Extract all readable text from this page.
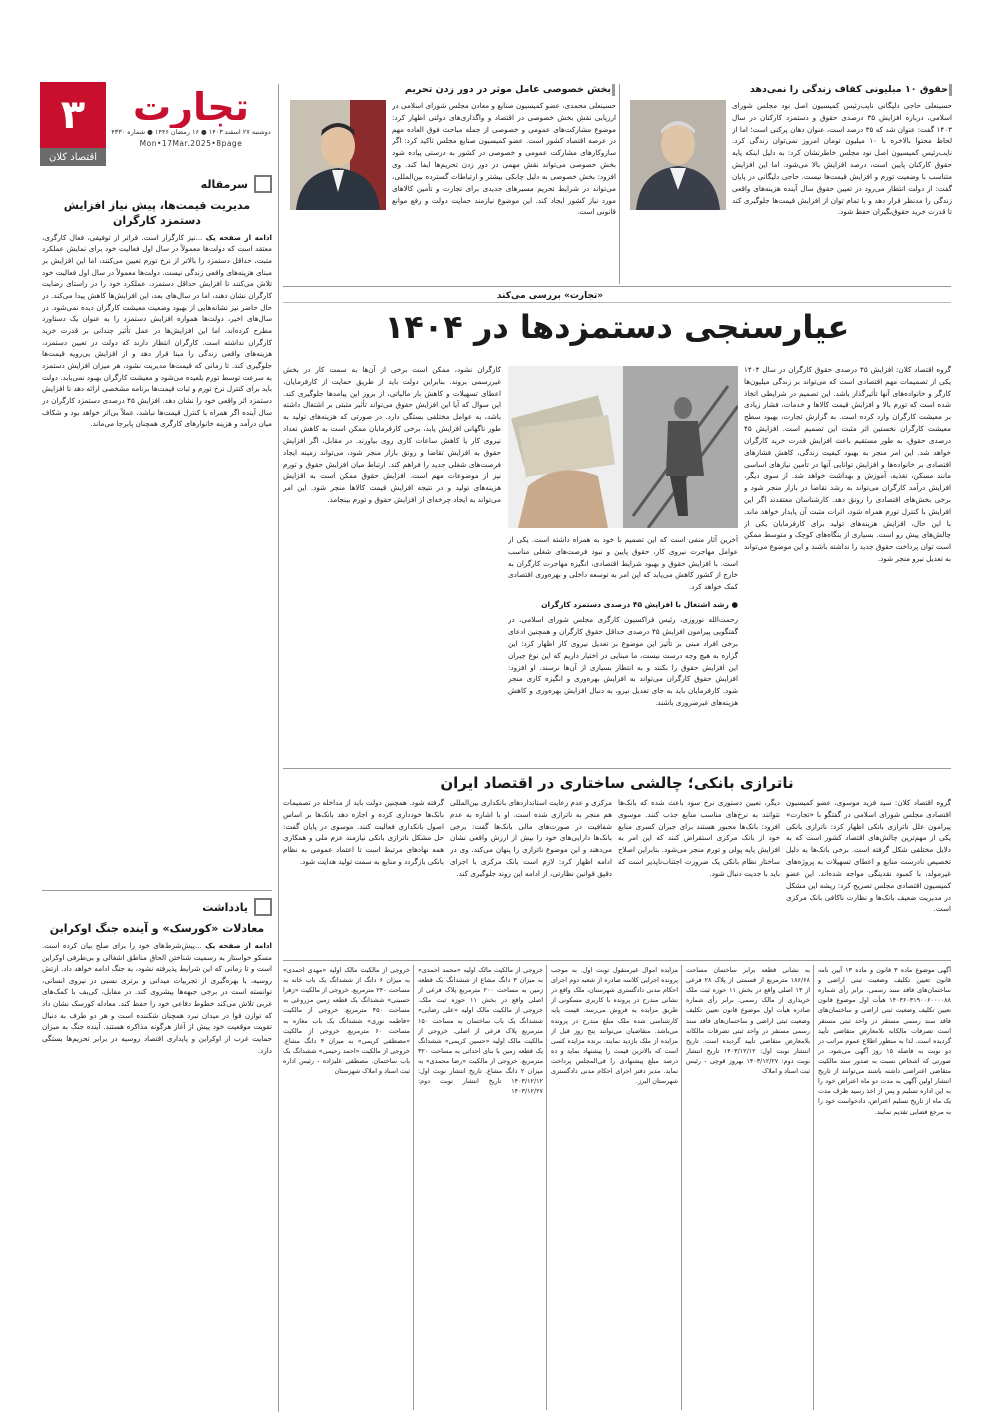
۳
اقتصاد کلان
تجارت
دوشنبه ۲۷ اسفند ۱۴۰۳ ● ۱۶ رمضان ۱۴۴۶ ● شماره ۴۳۳۰
Mon•17Mar.2025•8page
سرمقاله
مدیریت قیمت‌ها، پیش نیاز افزایش دستمزد کارگران
ادامه از صفحه یک ...نیز کارگزار است. فراتر از توفیقی، فعال کارگری، معتقد است که دولت‌ها معمولاً در سال اول فعالیت خود برای نمایش عملکرد مثبت، حداقل دستمزد را بالاتر از نرخ تورم تعیین می‌کنند، اما این افزایش بر مبنای هزینه‌های واقعی زندگی نیست. دولت‌ها معمولاً در سال اول فعالیت خود تلاش می‌کنند تا افزایش حداقل دستمزد، عملکرد خود را در راستای رضایت کارگران نشان دهند، اما در سال‌های بعد، این افزایش‌ها کاهش پیدا می‌کند. در حال حاضر نیز نشانه‌هایی از بهبود وضعیت معیشت کارگران دیده نمی‌شود. در سال‌های اخیر، دولت‌ها همواره افزایش دستمزد را به عنوان یک دستاورد مطرح کرده‌اند، اما این افزایش‌ها در عمل تأثیر چندانی بر قدرت خرید کارگران نداشته است. کارگران انتظار دارند که دولت در تعیین دستمزد، هزینه‌های واقعی زندگی را مبنا قرار دهد و از افزایش بی‌رویه قیمت‌ها جلوگیری کند. تا زمانی که قیمت‌ها مدیریت نشود، هر میزان افزایش دستمزد به سرعت توسط تورم بلعیده می‌شود و معیشت کارگران بهبود نمی‌یابد. دولت باید برای کنترل نرخ تورم و ثبات قیمت‌ها برنامه مشخصی ارائه دهد تا افزایش دستمزد اثر واقعی خود را نشان دهد. افزایش ۴۵ درصدی دستمزد کارگران در سال آینده اگر همراه با کنترل قیمت‌ها نباشد، عملاً بی‌اثر خواهد بود و شکاف میان درآمد و هزینه خانوارهای کارگری همچنان پابرجا می‌ماند.
یادداشت
معادلات «کورسک» و آینده جنگ اوکراین
ادامه از صفحه یک ...پیش‌شرط‌های خود را برای صلح بیان کرده است. مسکو خواستار به رسمیت شناختن الحاق مناطق اشغالی و بی‌طرفی اوکراین است و تا زمانی که این شرایط پذیرفته نشود، به جنگ ادامه خواهد داد. ارتش روسیه، با بهره‌گیری از تجربیات میدانی و برتری نسبی در نیروی انسانی، توانسته است در برخی جبهه‌ها پیشروی کند. در مقابل، کی‌یف با کمک‌های غربی تلاش می‌کند خطوط دفاعی خود را حفظ کند. معادله کورسک نشان داد که توازن قوا در میدان نبرد همچنان شکننده است و هر دو طرف به دنبال تقویت موقعیت خود پیش از آغاز هرگونه مذاکره هستند. آینده جنگ به میزان حمایت غرب از اوکراین و پایداری اقتصاد روسیه در برابر تحریم‌ها بستگی دارد.
حقوق ۱۰ میلیونی کفاف زندگی را نمی‌دهد
حسینعلی حاجی دلیگانی نایب‌رئیس کمیسیون اصل نود مجلس شورای اسلامی، درباره افزایش ۳۵ درصدی حقوق و دستمزد کارکنان در سال ۱۴۰۳ گفت: عنوان شد که ۳۵ درصد است، عنوان دهان پرکنی است؛ اما از لحاظ محتوا بالاخره با ۱۰ میلیون تومان امروز نمی‌توان زندگی کرد. نایب‌رئیس کمیسیون اصل نود مجلس خاطرنشان کرد: به دلیل اینکه پایه حقوق کارکنان پایین است، درصد افزایش بالا می‌شود. اما این افزایش متناسب با وضعیت تورم و افزایش قیمت‌ها نیست. حاجی دلیگانی در پایان گفت: از دولت انتظار می‌رود در تعیین حقوق سال آینده هزینه‌های واقعی زندگی را مدنظر قرار دهد و با تمام توان از افزایش قیمت‌ها جلوگیری کند تا قدرت خرید حقوق‌بگیران حفظ شود.
بخش خصوصی عامل موثر در دور زدن تحریم
حسینعلی محمدی، عضو کمیسیون صنایع و معادن مجلس شورای اسلامی در ارزیابی نقش بخش خصوصی در اقتصاد و واگذاری‌های دولتی اظهار کرد: موضوع مشارکت‌های عمومی و خصوصی از جمله مباحث فوق العاده مهم در عرصه اقتصاد کشور است. عضو کمیسیون صنایع مجلس تاکید کرد: اگر سازوکارهای مشارکت عمومی و خصوصی در کشور به درستی پیاده شود بخش خصوصی می‌تواند نقش مهمی در دور زدن تحریم‌ها ایفا کند. وی افزود: بخش خصوصی به دلیل چابکی بیشتر و ارتباطات گسترده بین‌المللی، می‌تواند در شرایط تحریم مسیرهای جدیدی برای تجارت و تأمین کالاهای مورد نیاز کشور ایجاد کند. این موضوع نیازمند حمایت دولت و رفع موانع قانونی است.
«تجارت» بررسی می‌کند
عیارسنجی دستمزدها در ۱۴۰۴
گروه اقتصاد کلان: افزایش ۴۵ درصدی حقوق کارگران در سال ۱۴۰۴ یکی از تصمیمات مهم اقتصادی است که می‌تواند بر زندگی میلیون‌ها کارگر و خانواده‌های آنها تأثیرگذار باشد. این تصمیم در شرایطی اتخاذ شده است که تورم بالا و افزایش قیمت کالاها و خدمات، فشار زیادی بر معیشت کارگران وارد کرده است. به گزارش تجارت، بهبود سطح معیشت کارگران نخستین اثر مثبت این تصمیم است. افزایش ۴۵ درصدی حقوق، به طور مستقیم باعث افزایش قدرت خرید کارگران خواهد شد. این امر منجر به بهبود کیفیت زندگی، کاهش فشارهای اقتصادی بر خانواده‌ها و افزایش توانایی آنها در تأمین نیازهای اساسی مانند مسکن، تغذیه، آموزش و بهداشت خواهد شد. از سوی دیگر، افزایش درآمد کارگران می‌تواند به رشد تقاضا در بازار منجر شود و برخی بخش‌های اقتصادی را رونق دهد. کارشناسان معتقدند اگر این افزایش با کنترل تورم همراه شود، اثرات مثبت آن پایدار خواهد ماند. با این حال، افزایش هزینه‌های تولید برای کارفرمایان یکی از چالش‌های پیش رو است. بسیاری از بنگاه‌های کوچک و متوسط ممکن است توان پرداخت حقوق جدید را نداشته باشند و این موضوع می‌تواند به تعدیل نیرو منجر شود.
کارگران نشود، ممکن است برخی از آن‌ها به سمت کار در بخش غیررسمی بروند. بنابراین دولت باید از طریق حمایت از کارفرمایان، اعطای تسهیلات و کاهش بار مالیاتی، از بروز این پیامدها جلوگیری کند. این سوال که آیا این افزایش حقوق می‌تواند تأثیر مثبتی بر اشتغال داشته باشد، به عوامل مختلفی بستگی دارد. در صورتی که هزینه‌های تولید به طور ناگهانی افزایش یابد، برخی کارفرمایان ممکن است به کاهش تعداد نیروی کار یا کاهش ساعات کاری روی بیاورند. در مقابل، اگر افزایش حقوق به افزایش تقاضا و رونق بازار منجر شود، می‌تواند زمینه ایجاد فرصت‌های شغلی جدید را فراهم کند. ارتباط میان افزایش حقوق و تورم نیز از موضوعات مهم است. افزایش حقوق ممکن است به افزایش هزینه‌های تولید و در نتیجه افزایش قیمت کالاها منجر شود. این امر می‌تواند به ایجاد چرخه‌ای از افزایش حقوق و تورم بینجامد.
آخرین آثار منفی است که این تصمیم با خود به همراه داشته است. یکی از عوامل مهاجرت نیروی کار، حقوق پایین و نبود فرصت‌های شغلی مناسب است. با افزایش حقوق و بهبود شرایط اقتصادی، انگیزه مهاجرت کارگران به خارج از کشور کاهش می‌یابد که این امر به توسعه داخلی و بهره‌وری اقتصادی کمک خواهد کرد.
● رشد اشتغال با افزایش ۴۵ درصدی دستمزد کارگران
رحمت‌الله نوروزی، رئیس فراکسیون کارگری مجلس شورای اسلامی، در گفتگویی پیرامون افزایش ۴۵ درصدی حداقل حقوق کارگران و همچنین ادعای برخی افراد مبنی بر تأثیر این موضوع بر تعدیل نیروی کار اظهار کرد: این گزاره به هیچ وجه درست نیست، ما مبنایی در اختیار داریم که این نوع جبران این افزایش حقوق را بکنند و به انتظار بسیاری از آن‌ها نرسند. او افزود: افزایش حقوق کارگران می‌تواند به افزایش بهره‌وری و انگیزه کاری منجر شود. کارفرمایان باید به جای تعدیل نیرو، به دنبال افزایش بهره‌وری و کاهش هزینه‌های غیرضروری باشند.
ناترازی بانکی؛ چالشی ساختاری در اقتصاد ایران
گروه اقتصاد کلان: سید فرید موسوی، عضو کمیسیون اقتصادی مجلس شورای اسلامی در گفتگو با «تجارت» پیرامون علل ناترازی بانکی اظهار کرد: ناترازی بانکی یکی از مهم‌ترین چالش‌های اقتصاد کشور است که به دلایل مختلفی شکل گرفته است. برخی بانک‌ها به دلیل تخصیص نادرست منابع و اعطای تسهیلات به پروژه‌های غیرمولد، با کمبود نقدینگی مواجه شده‌اند. این عضو کمیسیون اقتصادی مجلس تصریح کرد: ریشه این مشکل در مدیریت ضعیف بانک‌ها و نظارت ناکافی بانک مرکزی است.
دیگر، تعیین دستوری نرخ سود باعث شده که بانک‌ها نتوانند به نرخ‌های مناسب منابع جذب کنند. موسوی افزود: بانک‌ها مجبور هستند برای جبران کسری منابع خود از بانک مرکزی استقراض کنند که این امر به افزایش پایه پولی و تورم منجر می‌شود. بنابراین اصلاح ساختار نظام بانکی یک ضرورت اجتناب‌ناپذیر است که باید با جدیت دنبال شود.
مرکزی و عدم رعایت استانداردهای بانکداری بین‌المللی هم منجر به ناترازی شده است. او با اشاره به عدم شفافیت در صورت‌های مالی بانک‌ها گفت: برخی بانک‌ها دارایی‌های خود را بیش از ارزش واقعی نشان می‌دهند و این موضوع ناترازی را پنهان می‌کند. وی در ادامه اظهار کرد: لازم است بانک مرکزی با اجرای دقیق قوانین نظارتی، از ادامه این روند جلوگیری کند.
گرفته شود. همچنین دولت باید از مداخله در تصمیمات بانک‌ها خودداری کرده و اجازه دهد بانک‌ها بر اساس اصول بانکداری فعالیت کنند. موسوی در پایان گفت: حل مشکل ناترازی بانکی نیازمند عزم ملی و همکاری همه نهادهای مرتبط است تا اعتماد عمومی به نظام بانکی بازگردد و منابع به سمت تولید هدایت شود.
آگهی موضوع ماده ۳ قانون و ماده ۱۳ آیین نامه قانون تعیین تکلیف وضعیت ثبتی اراضی و ساختمان‌های فاقد سند رسمی. برابر رأی شماره ۱۴۰۳۶۰۳۱۹۰۰۶۰۰۰۰۸۸ هیأت اول موضوع قانون تعیین تکلیف وضعیت ثبتی اراضی و ساختمان‌های فاقد سند رسمی مستقر در واحد ثبتی مستقر است تصرفات مالکانه بلامعارض متقاضی تأیید گردیده است. لذا به منظور اطلاع عموم مراتب در دو نوبت به فاصله ۱۵ روز آگهی می‌شود. در صورتی که اشخاص نسبت به صدور سند مالکیت متقاضی اعتراضی داشته باشند می‌توانند از تاریخ انتشار اولین آگهی به مدت دو ماه اعتراض خود را به این اداره تسلیم و پس از اخذ رسید ظرف مدت یک ماه از تاریخ تسلیم اعتراض، دادخواست خود را به مرجع قضایی تقدیم نمایند.
به نشانی قطعه برابر ساختمان مساحت ۱۸۶/۶۸ مترمربع از قسمتی از پلاک ۲۸ فرعی از ۱۳ اصلی واقع در بخش ۱۱ حوزه ثبت ملک خریداری از مالک رسمی. برابر رأی شماره صادره هیأت اول موضوع قانون تعیین تکلیف وضعیت ثبتی اراضی و ساختمان‌های فاقد سند رسمی مستقر در واحد ثبتی تصرفات مالکانه بلامعارض متقاضی تأیید گردیده است. تاریخ انتشار نوبت اول: ۱۴۰۳/۱۲/۱۲ تاریخ انتشار نوبت دوم: ۱۴۰۳/۱۲/۲۷ بهروز قوچی - رئیس ثبت اسناد و املاک
مزایده اموال غیرمنقول نوبت اول. به موجب پرونده اجرایی کلاسه صادره از شعبه دوم اجرای احکام مدنی دادگستری شهرستان، ملک واقع در نشانی مندرج در پرونده با کاربری مسکونی از طریق مزایده به فروش می‌رسد. قیمت پایه کارشناسی شده ملک مبلغ مندرج در پرونده می‌باشد. متقاضیان می‌توانند پنج روز قبل از مزایده از ملک بازدید نمایند. برنده مزایده کسی است که بالاترین قیمت را پیشنهاد نماید و ده درصد مبلغ پیشنهادی را فی‌المجلس پرداخت نماید. مدیر دفتر اجرای احکام مدنی دادگستری شهرستان البرز.
خروجی از مالکیت مالک اولیه «محمد احمدی» به میزان ۳ دانگ مشاع از ششدانگ یک قطعه زمین به مساحت ۲۰۰ مترمربع پلاک فرعی از اصلی واقع در بخش ۱۱ حوزه ثبت ملک. خروجی از مالکیت مالک اولیه «علی رضایی» ششدانگ یک باب ساختمان به مساحت ۱۵۰ مترمربع پلاک فرعی از اصلی. خروجی از مالکیت مالک اولیه «حسین کریمی» ششدانگ یک قطعه زمین با بنای احداثی به مساحت ۳۲۰ مترمربع. خروجی از مالکیت «رضا محمدی» به میزان ۲ دانگ مشاع. تاریخ انتشار نوبت اول: ۱۴۰۳/۱۲/۱۲ تاریخ انتشار نوبت دوم: ۱۴۰۳/۱۲/۲۷
خروجی از مالکیت مالک اولیه «مهدی احمدی» به میزان ۶ دانگ از ششدانگ یک باب خانه به مساحت ۲۴۰ مترمربع. خروجی از مالکیت «زهرا حسینی» ششدانگ یک قطعه زمین مزروعی به مساحت ۴۵۰ مترمربع. خروجی از مالکیت «فاطمه نوری» ششدانگ یک باب مغازه به مساحت ۶۰ مترمربع. خروجی از مالکیت «مصطفی کریمی» به میزان ۴ دانگ مشاع. خروجی از مالکیت «احمد رحیمی» ششدانگ یک باب ساختمان. مصطفی علیزاده - رئیس اداره ثبت اسناد و املاک شهرستان
